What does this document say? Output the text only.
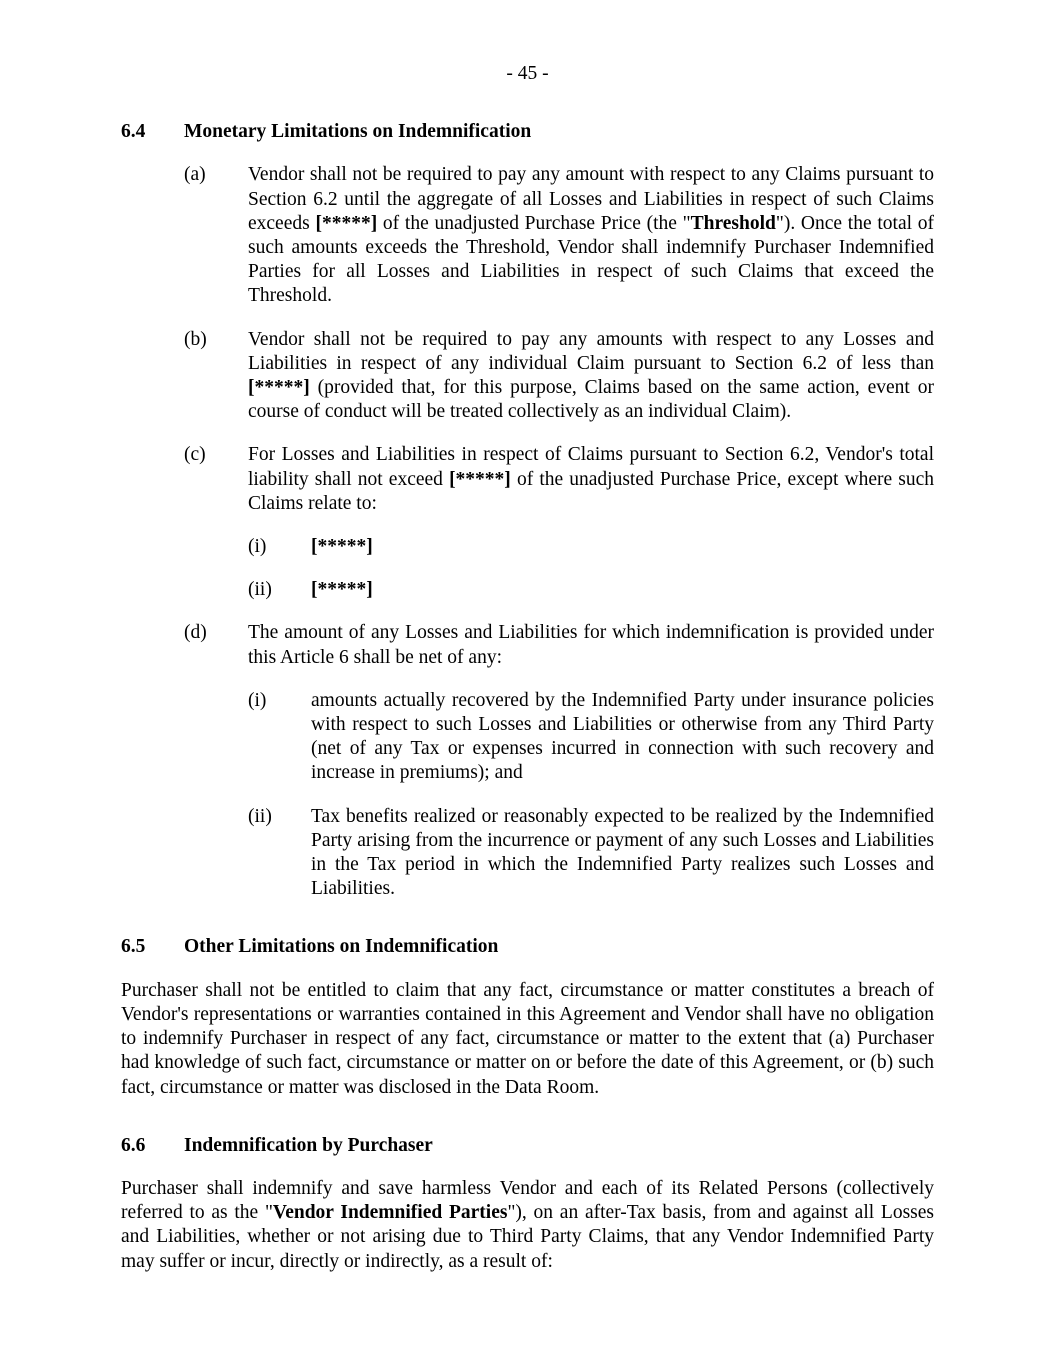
- 45 -
6.4	Monetary Limitations on Indemnification
(a)	Vendor shall not be required to pay any amount with respect to any Claims pursuant to Section 6.2 until the aggregate of all Losses and Liabilities in respect of such Claims exceeds [*****] of the unadjusted Purchase Price (the "Threshold"). Once the total of such amounts exceeds the Threshold, Vendor shall indemnify Purchaser Indemnified Parties for all Losses and Liabilities in respect of such Claims that exceed the Threshold.
(b)	Vendor shall not be required to pay any amounts with respect to any Losses and Liabilities in respect of any individual Claim pursuant to Section 6.2 of less than [*****] (provided that, for this purpose, Claims based on the same action, event or course of conduct will be treated collectively as an individual Claim).
(c)	For Losses and Liabilities in respect of Claims pursuant to Section 6.2, Vendor's total liability shall not exceed [*****] of the unadjusted Purchase Price, except where such Claims relate to:
(i)	[*****]
(ii)	[*****]
(d)	The amount of any Losses and Liabilities for which indemnification is provided under this Article 6 shall be net of any:
(i)	amounts actually recovered by the Indemnified Party under insurance policies with respect to such Losses and Liabilities or otherwise from any Third Party (net of any Tax or expenses incurred in connection with such recovery and increase in premiums); and
(ii)	Tax benefits realized or reasonably expected to be realized by the Indemnified Party arising from the incurrence or payment of any such Losses and Liabilities in the Tax period in which the Indemnified Party realizes such Losses and Liabilities.
6.5	Other Limitations on Indemnification
Purchaser shall not be entitled to claim that any fact, circumstance or matter constitutes a breach of Vendor's representations or warranties contained in this Agreement and Vendor shall have no obligation to indemnify Purchaser in respect of any fact, circumstance or matter to the extent that (a) Purchaser had knowledge of such fact, circumstance or matter on or before the date of this Agreement, or (b) such fact, circumstance or matter was disclosed in the Data Room.
6.6	Indemnification by Purchaser
Purchaser shall indemnify and save harmless Vendor and each of its Related Persons (collectively referred to as the "Vendor Indemnified Parties"), on an after-Tax basis, from and against all Losses and Liabilities, whether or not arising due to Third Party Claims, that any Vendor Indemnified Party may suffer or incur, directly or indirectly, as a result of:
